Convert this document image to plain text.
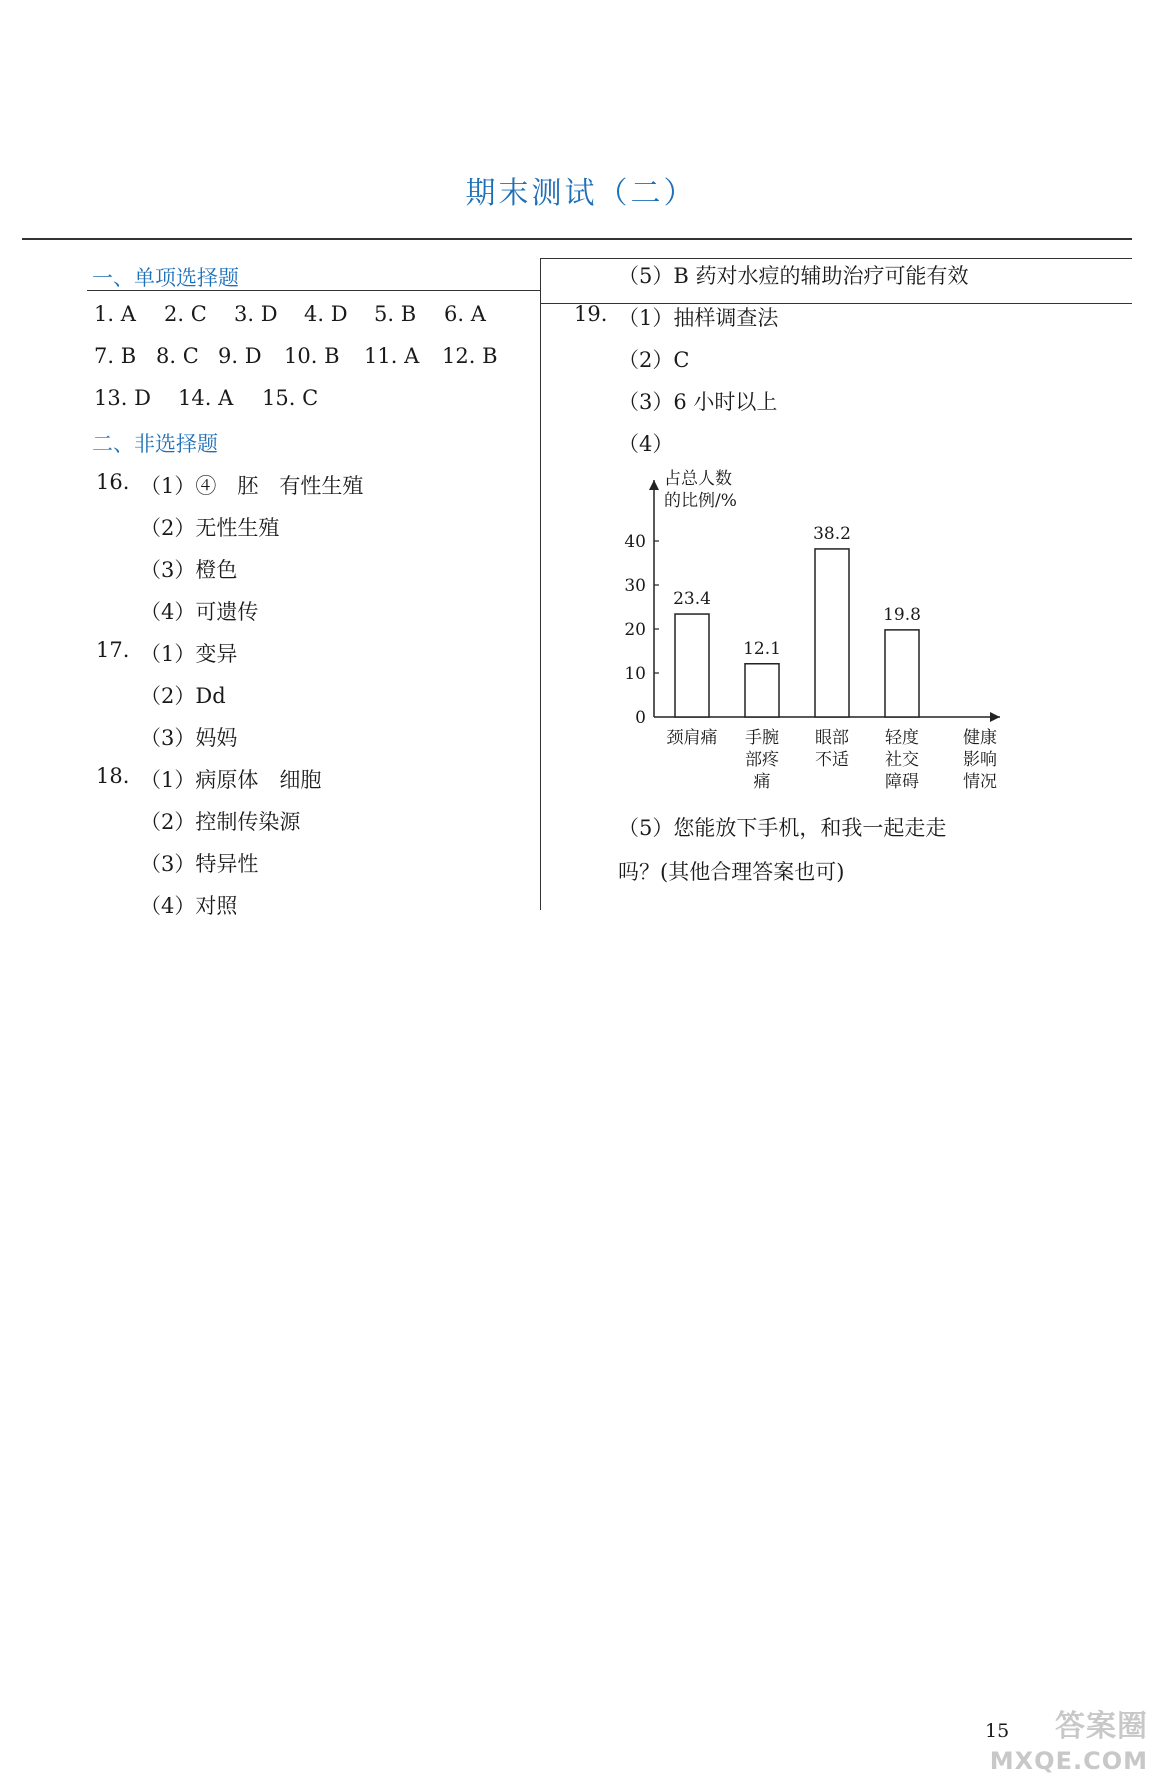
期末测试（二）
一、单项选择题
1. A 2. C 3. D 4. D 5. B 6. A
7. B 8. C 9. D 10. B 11. A 12. B
13. D 14. A 15. C
二、非选择题
16. （1）④　胚　有性生殖
（2）无性生殖
（3）橙色
（4）可遗传
17. （1）变异
（2）Dd
（3）妈妈
18. （1）病原体　细胞
（2）控制传染源
（3）特异性
（4）对照
（5）B 药对水痘的辅助治疗可能有效
19. （1）抽样调查法
（2）C
（3）6 小时以上
（4）
占总人数
的比例/%
0
10
20
30
40
23.4
颈肩痛
12.1
手腕
部疼
痛
38.2
眼部
不适
19.8
轻度
社交
障碍
健康
影响
情况
（5）您能放下手机，和我一起走走
吗？(其他合理答案也可)
15	答案圈
MXQE.COM
